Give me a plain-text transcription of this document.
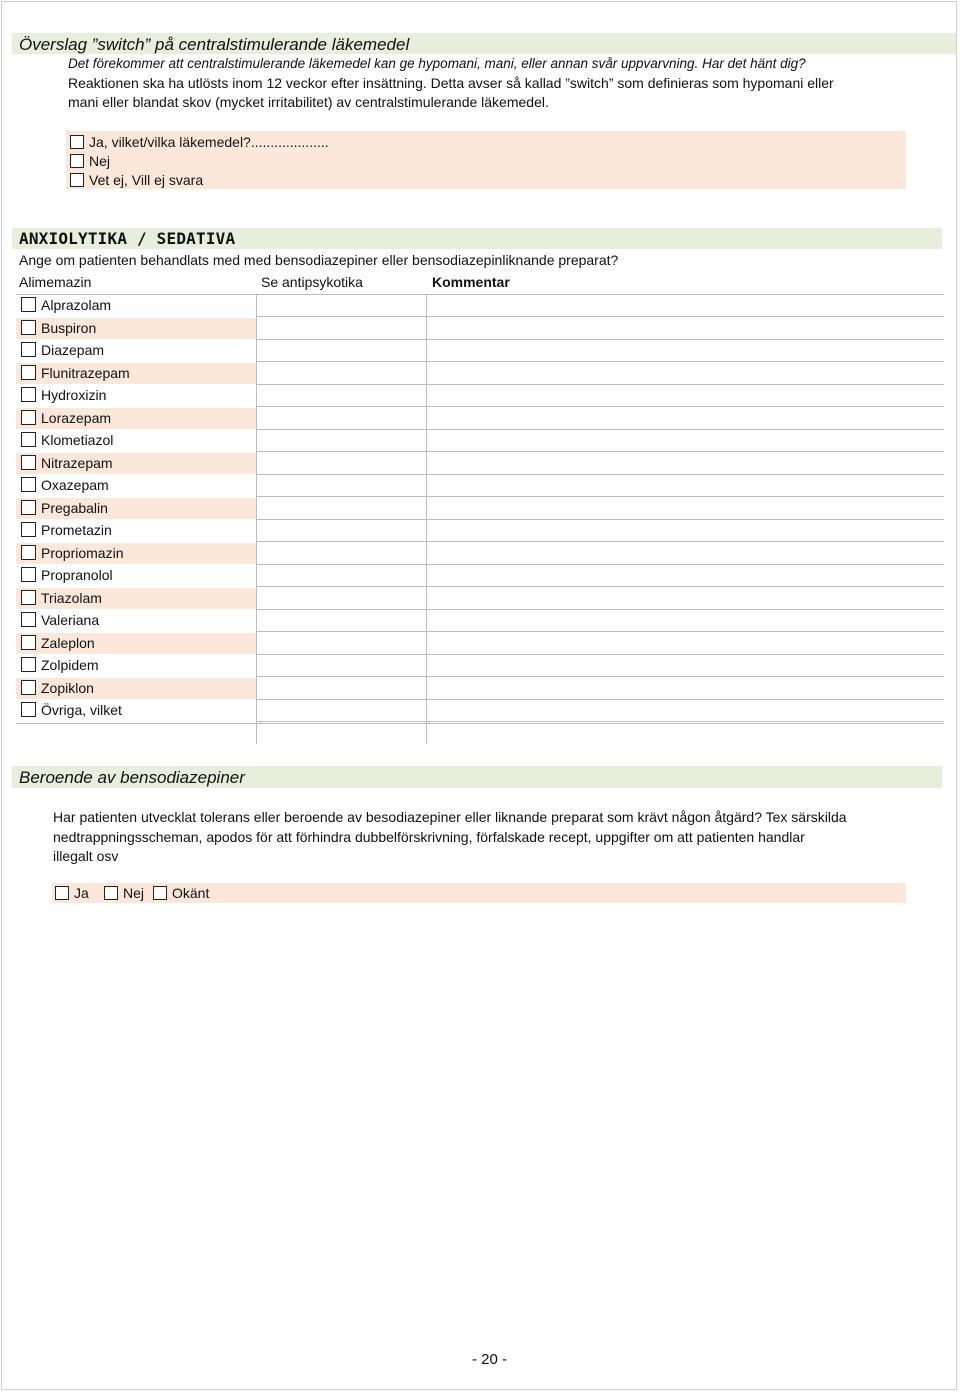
Överslag ”switch” på centralstimulerande läkemedel
Det förekommer att centralstimulerande läkemedel kan ge hypomani, mani, eller annan svår uppvarvning. Har det hänt dig?
Reaktionen ska ha utlösts inom 12 veckor efter insättning. Detta avser så kallad ”switch” som definieras som hypomani eller
mani eller blandat skov (mycket irritabilitet) av centralstimulerande läkemedel.
Ja, vilket/vilka läkemedel?....................
Nej
Vet ej, Vill ej svara
ANXIOLYTIKA / SEDATIVA
Ange om patienten behandlats med med bensodiazepiner eller bensodiazepinliknande preparat?
Alimemazin	Se antipsykotika	Kommentar
Alprazolam
Buspiron
Diazepam
Flunitrazepam
Hydroxizin
Lorazepam
Klometiazol
Nitrazepam
Oxazepam
Pregabalin
Prometazin
Propriomazin
Propranolol
Triazolam
Valeriana
Zaleplon
Zolpidem
Zopiklon
Övriga, vilket
Beroende av bensodiazepiner
Har patienten utvecklat tolerans eller beroende av besodiazepiner eller liknande preparat som krävt någon åtgärd? Tex särskilda
nedtrappningsscheman, apodos för att förhindra dubbelförskrivning, förfalskade recept, uppgifter om att patienten handlar
illegalt osv
Ja	Nej	Okänt
- 20 -
